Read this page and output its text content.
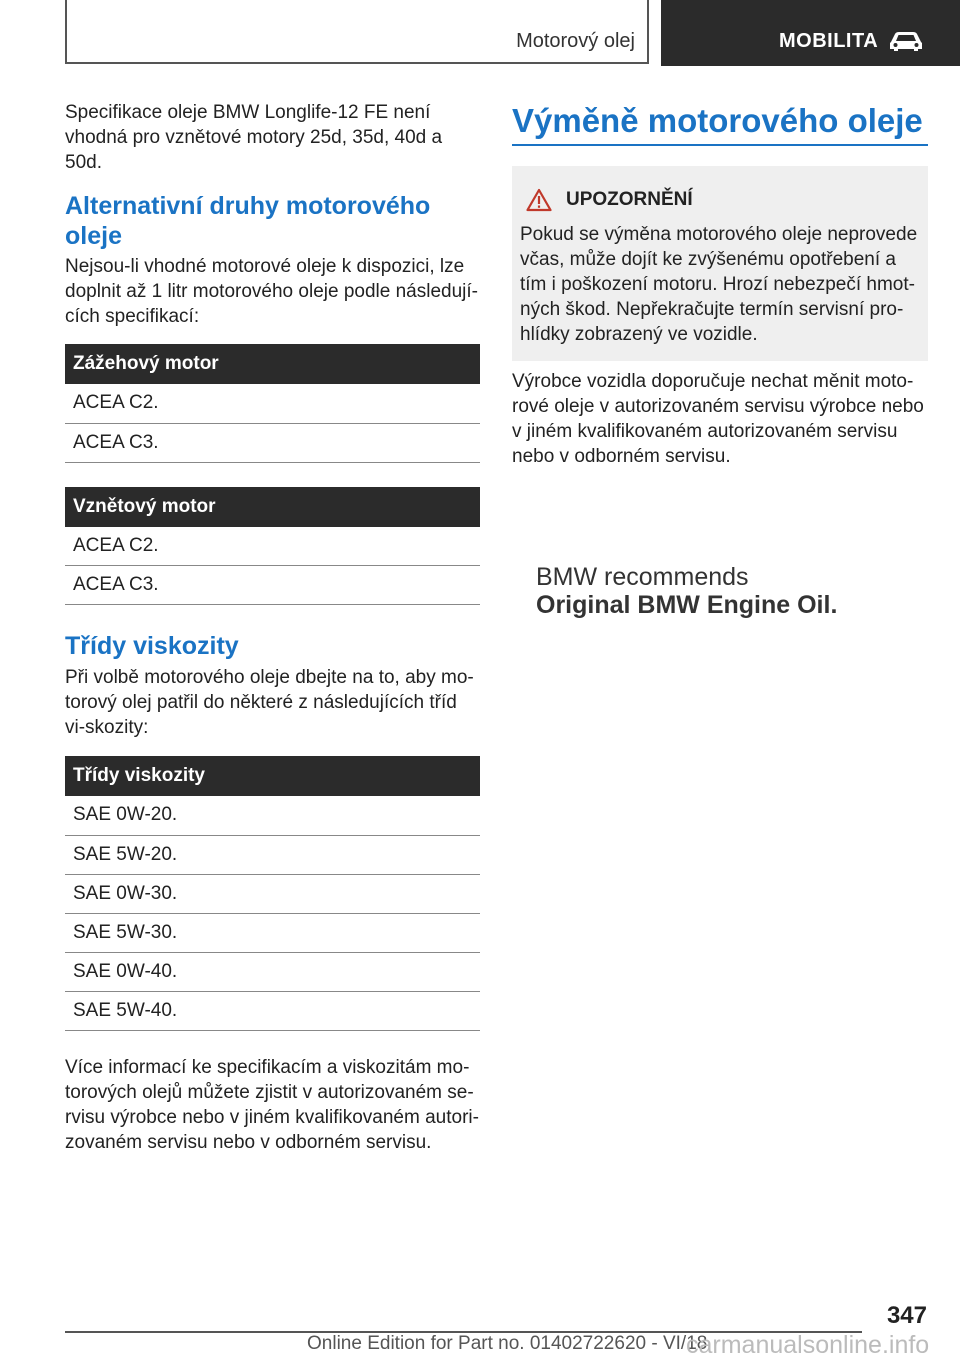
Motorový olej	MOBILITA

Specifikace oleje BMW Longlife-12 FE není vhodná pro vznětové motory 25d, 35d, 40d a 50d.

Alternativní druhy motorového oleje

Nejsou-li vhodné motorové oleje k dispozici, lze doplnit až 1 litr motorového oleje podle následují-cích specifikací:

Zážehový motor
ACEA C2.
ACEA C3.
Vznětový motor
ACEA C2.
ACEA C3.
Třídy viskozity

Při volbě motorového oleje dbejte na to, aby mo-torový olej patřil do některé z následujících tříd vi-skozity:

Třídy viskozity
SAE 0W-20.
SAE 5W-20.
SAE 0W-30.
SAE 5W-30.
SAE 0W-40.
SAE 5W-40.

Více informací ke specifikacím a viskozitám mo-torových olejů můžete zjistit v autorizovaném se-rvisu výrobce nebo v jiném kvalifikovaném autori-zovaném servisu nebo v odborném servisu.

Výměně motorového oleje
UPOZORNĚNÍ

Pokud se výměna motorového oleje neprovede včas, může dojít ke zvýšenému opotřebení a tím i poškození motoru. Hrozí nebezpečí hmot-ných škod. Nepřekračujte termín servisní pro-hlídky zobrazený ve vozidle.

Výrobce vozidla doporučuje nechat měnit moto-rové oleje v autorizovaném servisu výrobce nebo v jiném kvalifikovaném autorizovaném servisu nebo v odborném servisu.

BMW recommends
Original BMW Engine Oil.
347
Online Edition for Part no. 01402722620 - VI/18
carmanualsonline.info
